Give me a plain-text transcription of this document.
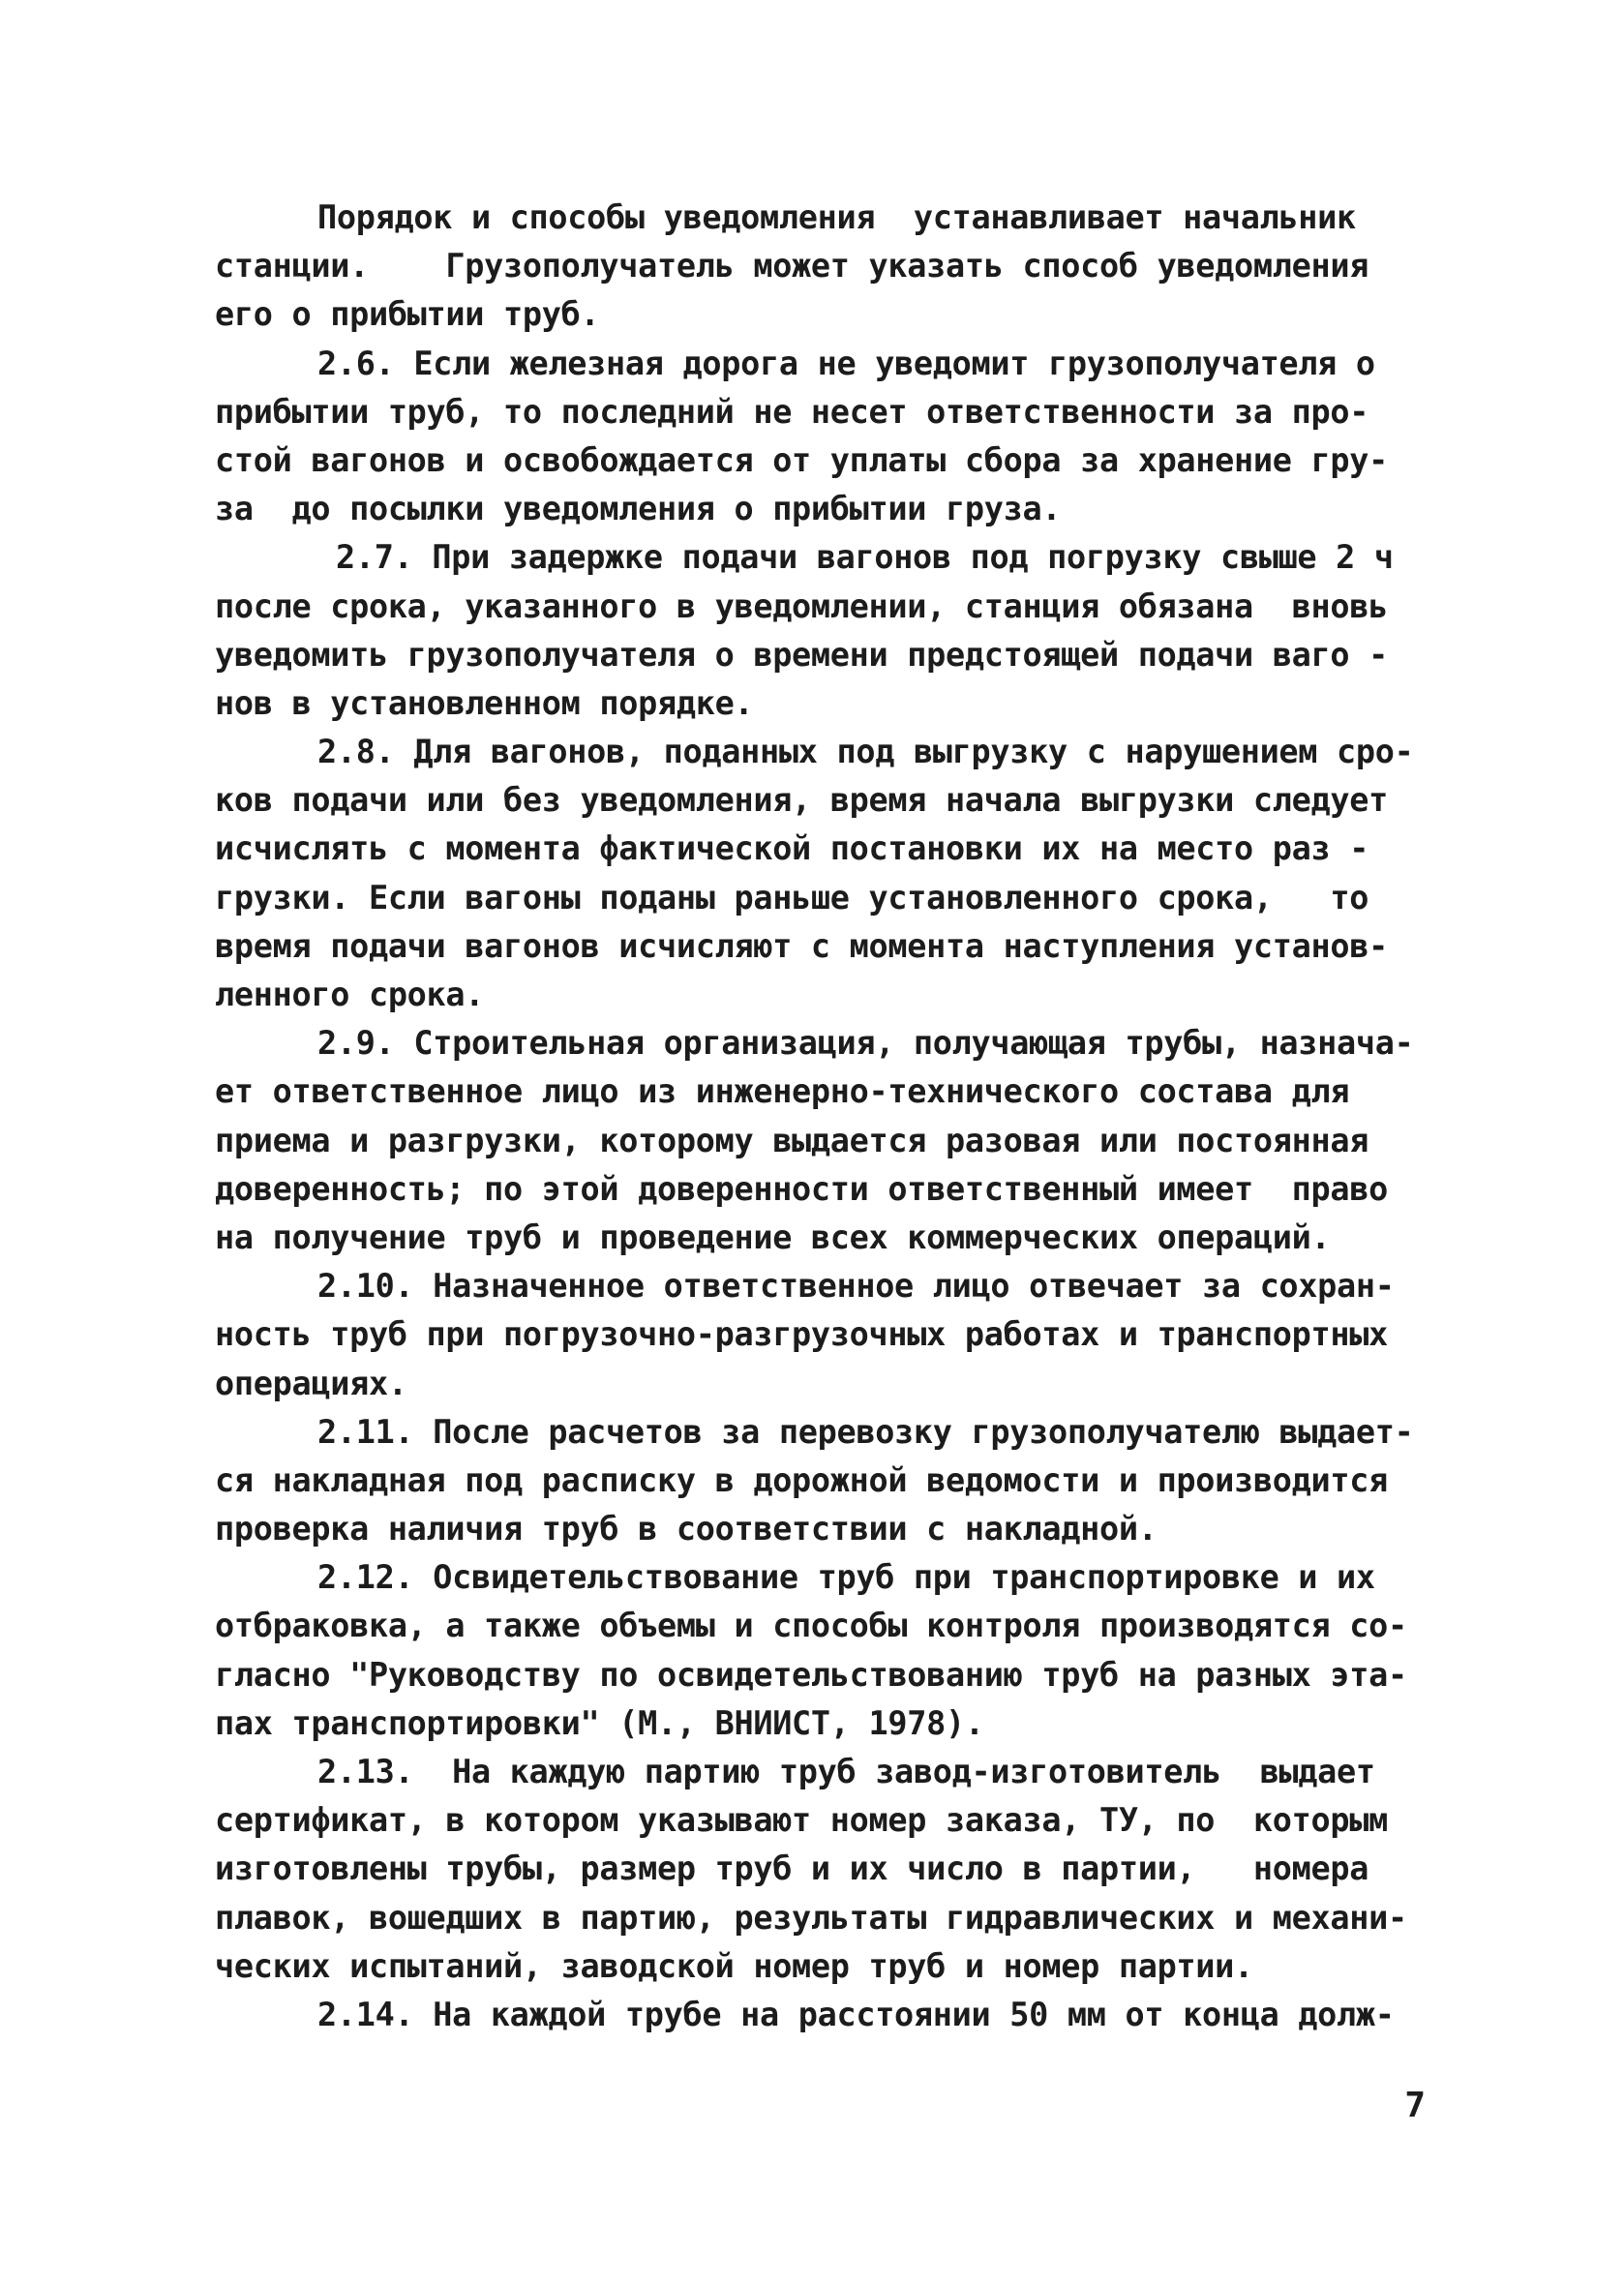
Порядок и способы уведомления  устанавливает начальник
станции.    Грузополучатель может указать способ уведомления
его о прибытии труб.
2.6. Если железная дорога не уведомит грузополучателя о
прибытии труб, то последний не несет ответственности за про-
стой вагонов и освобождается от уплаты сбора за хранение гру-
за  до посылки уведомления о прибытии груза.
2.7. При задержке подачи вагонов под погрузку свыше 2 ч
после срока, указанного в уведомлении, станция обязана  вновь
уведомить грузополучателя о времени предстоящей подачи ваго -
нов в установленном порядке.
2.8. Для вагонов, поданных под выгрузку с нарушением сро-
ков подачи или без уведомления, время начала выгрузки следует
исчислять с момента фактической постановки их на место раз -
грузки. Если вагоны поданы раньше установленного срока,   то
время подачи вагонов исчисляют с момента наступления установ-
ленного срока.
2.9. Строительная организация, получающая трубы, назнача-
ет ответственное лицо из инженерно-технического состава для
приема и разгрузки, которому выдается разовая или постоянная
доверенность; по этой доверенности ответственный имеет  право
на получение труб и проведение всех коммерческих операций.
2.10. Назначенное ответственное лицо отвечает за сохран-
ность труб при погрузочно-разгрузочных работах и транспортных
операциях.
2.11. После расчетов за перевозку грузополучателю выдает-
ся накладная под расписку в дорожной ведомости и производится
проверка наличия труб в соответствии с накладной.
2.12. Освидетельствование труб при транспортировке и их
отбраковка, а также объемы и способы контроля производятся со-
гласно "Руководству по освидетельствованию труб на разных эта-
пах транспортировки" (М., ВНИИСТ, 1978).
2.13.  На каждую партию труб завод-изготовитель  выдает
сертификат, в котором указывают номер заказа, ТУ, по  которым
изготовлены трубы, размер труб и их число в партии,   номера
плавок, вошедших в партию, результаты гидравлических и механи-
ческих испытаний, заводской номер труб и номер партии.
2.14. На каждой трубе на расстоянии 50 мм от конца долж-
7
